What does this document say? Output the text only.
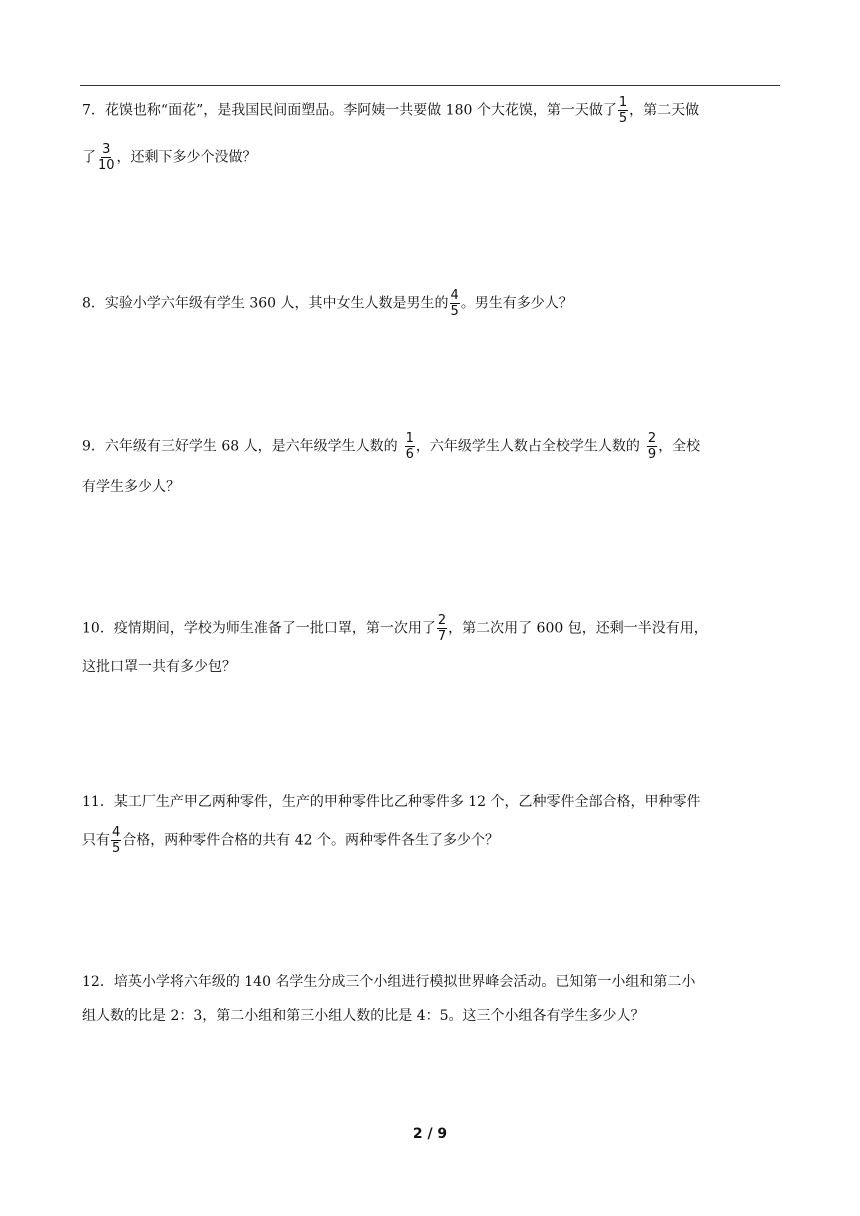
7．花馍也称“面花”，是我国民间面塑品。李阿姨一共要做 180 个大花馍，第一天做了 $\frac{1}{5}$ ，第二天做
了 $\frac{3}{10}$ ，还剩下多少个没做？
8．实验小学六年级有学生 360 人，其中女生人数是男生的 $\frac{4}{5}$ 。男生有多少人？
9．六年级有三好学生 68 人，是六年级学生人数的 $\frac{1}{6}$ ，六年级学生人数占全校学生人数的 $\frac{2}{9}$ ，全校
有学生多少人？
10．疫情期间，学校为师生准备了一批口罩，第一次用了 $\frac{2}{7}$ ，第二次用了 600 包，还剩一半没有用，
这批口罩一共有多少包？
11．某工厂生产甲乙两种零件，生产的甲种零件比乙种零件多 12 个，乙种零件全部合格，甲种零件
只有 $\frac{4}{5}$ 合格，两种零件合格的共有 42 个。两种零件各生了多少个？
12．培英小学将六年级的 140 名学生分成三个小组进行模拟世界峰会活动。已知第一小组和第二小
组人数的比是 2：3，第二小组和第三小组人数的比是 4：5。这三个小组各有学生多少人？
2 / 9
